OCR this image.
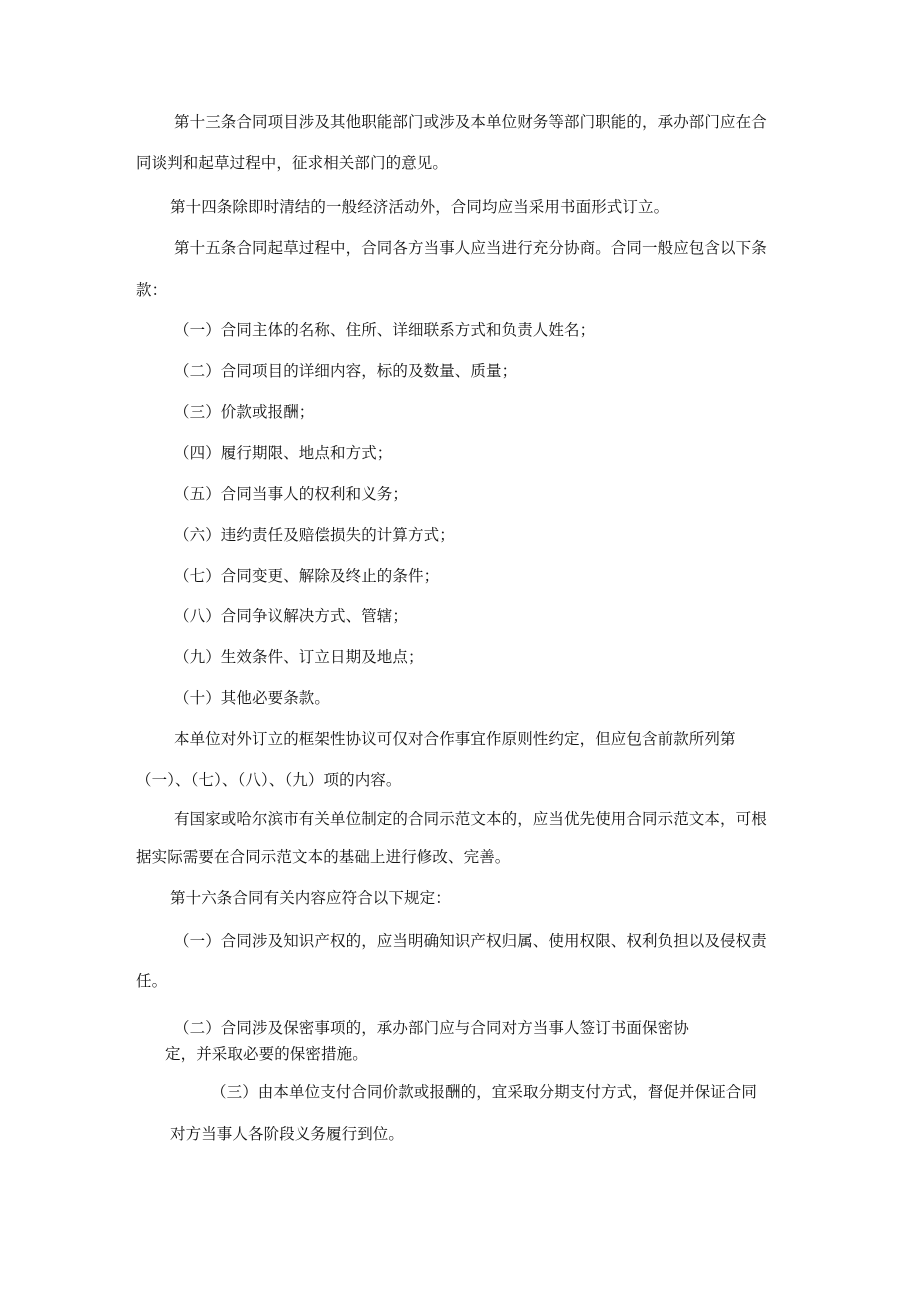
第十三条合同项目涉及其他职能部门或涉及本单位财务等部门职能的，承办部门应在合
同谈判和起草过程中，征求相关部门的意见。
第十四条除即时清结的一般经济活动外，合同均应当采用书面形式订立。
第十五条合同起草过程中，合同各方当事人应当进行充分协商。合同一般应包含以下条
款：
（一）合同主体的名称、住所、详细联系方式和负责人姓名；
（二）合同项目的详细内容，标的及数量、质量；
（三）价款或报酬；
（四）履行期限、地点和方式；
（五）合同当事人的权利和义务；
（六）违约责任及赔偿损失的计算方式；
（七）合同变更、解除及终止的条件；
（八）合同争议解决方式、管辖；
（九）生效条件、订立日期及地点；
（十）其他必要条款。
本单位对外订立的框架性协议可仅对合作事宜作原则性约定，但应包含前款所列第
（一）、（七）、（八）、（九）项的内容。
有国家或哈尔滨市有关单位制定的合同示范文本的，应当优先使用合同示范文本，可根
据实际需要在合同示范文本的基础上进行修改、完善。
第十六条合同有关内容应符合以下规定：
（一）合同涉及知识产权的，应当明确知识产权归属、使用权限、权利负担以及侵权责
任。
（二）合同涉及保密事项的，承办部门应与合同对方当事人签订书面保密协
定，并采取必要的保密措施。
（三）由本单位支付合同价款或报酬的，宜采取分期支付方式，督促并保证合同
对方当事人各阶段义务履行到位。
